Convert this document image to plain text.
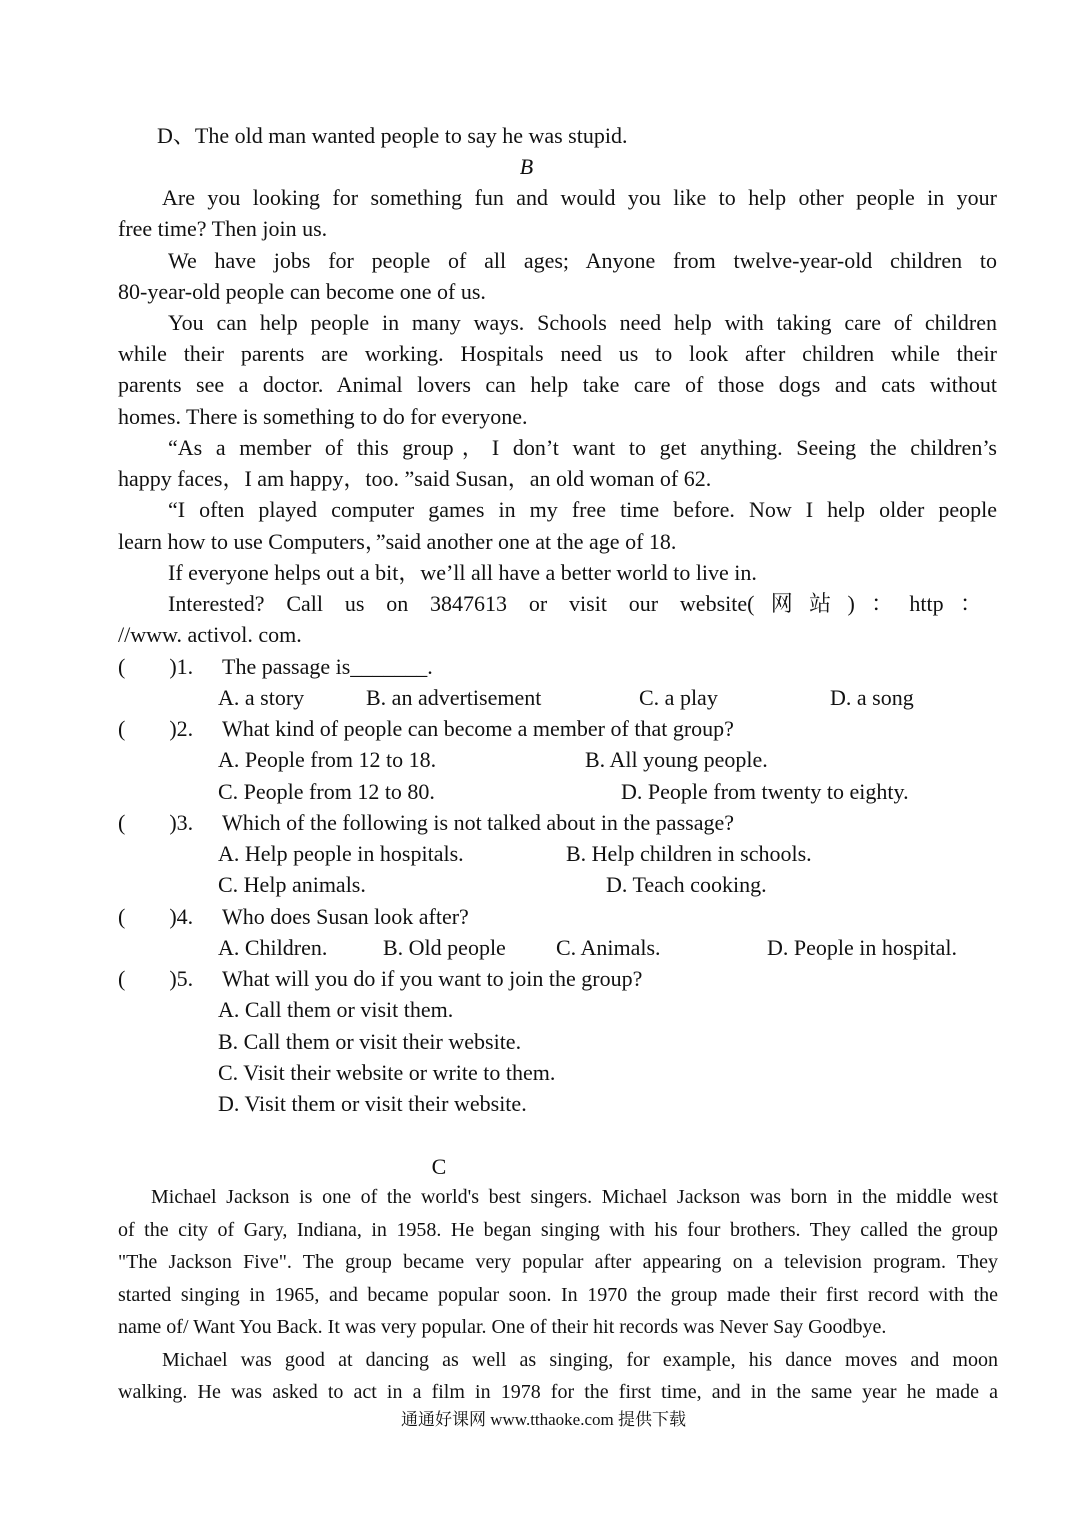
D、The old man wanted people to say he was stupid.
B
Are you looking for something fun and would you like to help other people in your
free time? Then join us.
We have jobs for people of all ages; Anyone from twelve-year-old children to
80-year-old people can become one of us.
You can help people in many ways. Schools need help with taking care of children
while their parents are working. Hospitals need us to look after children while their
parents see a doctor. Animal lovers can help take care of those dogs and cats without
homes. There is something to do for everyone.
“As a member of this group，I don’t want to get anything. Seeing the children’s
happy faces，I am happy，too. ”said Susan，an old woman of 62.
“I often played computer games in my free time before. Now I help older people
learn how to use Computers，”said another one at the age of 18.
If everyone helps out a bit，we’ll all have a better world to live in.
Interested? Call us on 3847613 or visit our website(网站)：http：
//www. activol. com.
(　　)1.	The passage is_______.
A. a story	B. an advertisement	C. a play	D. a song
(　　)2.	What kind of people can become a member of that group?
A. People from 12 to 18.	B. All young people.
C. People from 12 to 80.	D. People from twenty to eighty.
(　　)3.	Which of the following is not talked about in the passage?
A. Help people in hospitals.	B. Help children in schools.
C. Help animals.	D. Teach cooking.
(　　)4.	Who does Susan look after?
A. Children.	B. Old people C. Animals.	D. People in hospital.
(　　)5.	What will you do if you want to join the group?
A. Call them or visit them.
B. Call them or visit their website.
C. Visit their website or write to them.
D. Visit them or visit their website.
C
Michael Jackson is one of the world's best singers. Michael Jackson was born in the middle west
of the city of Gary, Indiana, in 1958. He began singing with his four brothers. They called the group
"The Jackson Five". The group became very popular after appearing on a television program. They
started singing in 1965, and became popular soon. In 1970 the group made their first record with the
name of/ Want You Back. It was very popular. One of their hit records was Never Say Goodbye.
Michael was good at dancing as well as singing, for example, his dance moves and moon
walking. He was asked to act in a film in 1978 for the first time, and in the same year he made a
通通好课网 www.tthaoke.com 提供下载
